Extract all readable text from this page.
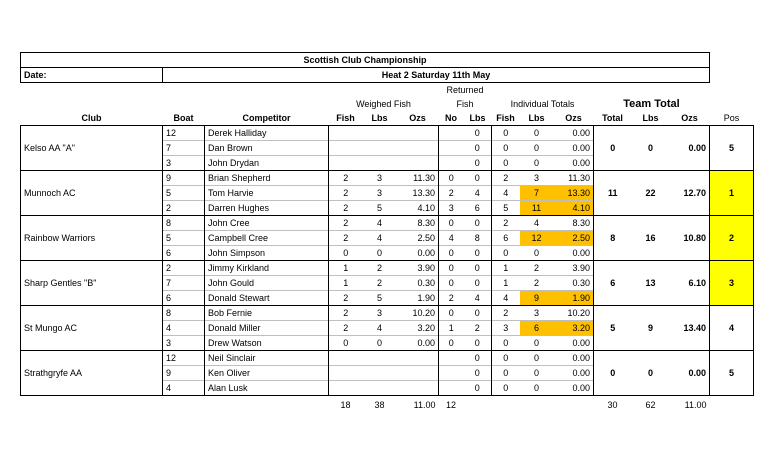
Scottish Club Championship														
Date:	Heat 2 Saturday 11th May													
						Returned								
			Weighed Fish			Fish		Individual Totals			Team Total			
Club	Boat	Competitor	Fish	Lbs	Ozs	No	Lbs	Fish	Lbs	Ozs	Total	Lbs	Ozs	Pos
Kelso AA "A"	12	Derek Halliday					0	0	0	0.00	0	0	0.00	5
	7	Dan Brown					0	0	0	0.00				
	3	John Drydan					0	0	0	0.00				
Munnoch AC	9	Brian Shepherd	2	3	11.30	0	0	2	3	11.30	11	22	12.70	1
	5	Tom Harvie	2	3	13.30	2	4	4	7	13.30				
	2	Darren Hughes	2	5	4.10	3	6	5	11	4.10				
Rainbow Warriors	8	John Cree	2	4	8.30	0	0	2	4	8.30	8	16	10.80	2
	5	Campbell Cree	2	4	2.50	4	8	6	12	2.50				
	6	John Simpson	0	0	0.00	0	0	0	0	0.00				
Sharp Gentles "B"	2	Jimmy Kirkland	1	2	3.90	0	0	1	2	3.90	6	13	6.10	3
	7	John Gould	1	2	0.30	0	0	1	2	0.30				
	6	Donald Stewart	2	5	1.90	2	4	4	9	1.90				
St Mungo AC	8	Bob Fernie	2	3	10.20	0	0	2	3	10.20	5	9	13.40	4
	4	Donald Miller	2	4	3.20	1	2	3	6	3.20				
	3	Drew Watson	0	0	0.00	0	0	0	0	0.00				
Strathgryfe AA	12	Neil Sinclair					0	0	0	0.00	0	0	0.00	5
	9	Ken Oliver					0	0	0	0.00				
	4	Alan Lusk					0	0	0	0.00				
			18	38	11.00	12					30	62	11.00	
